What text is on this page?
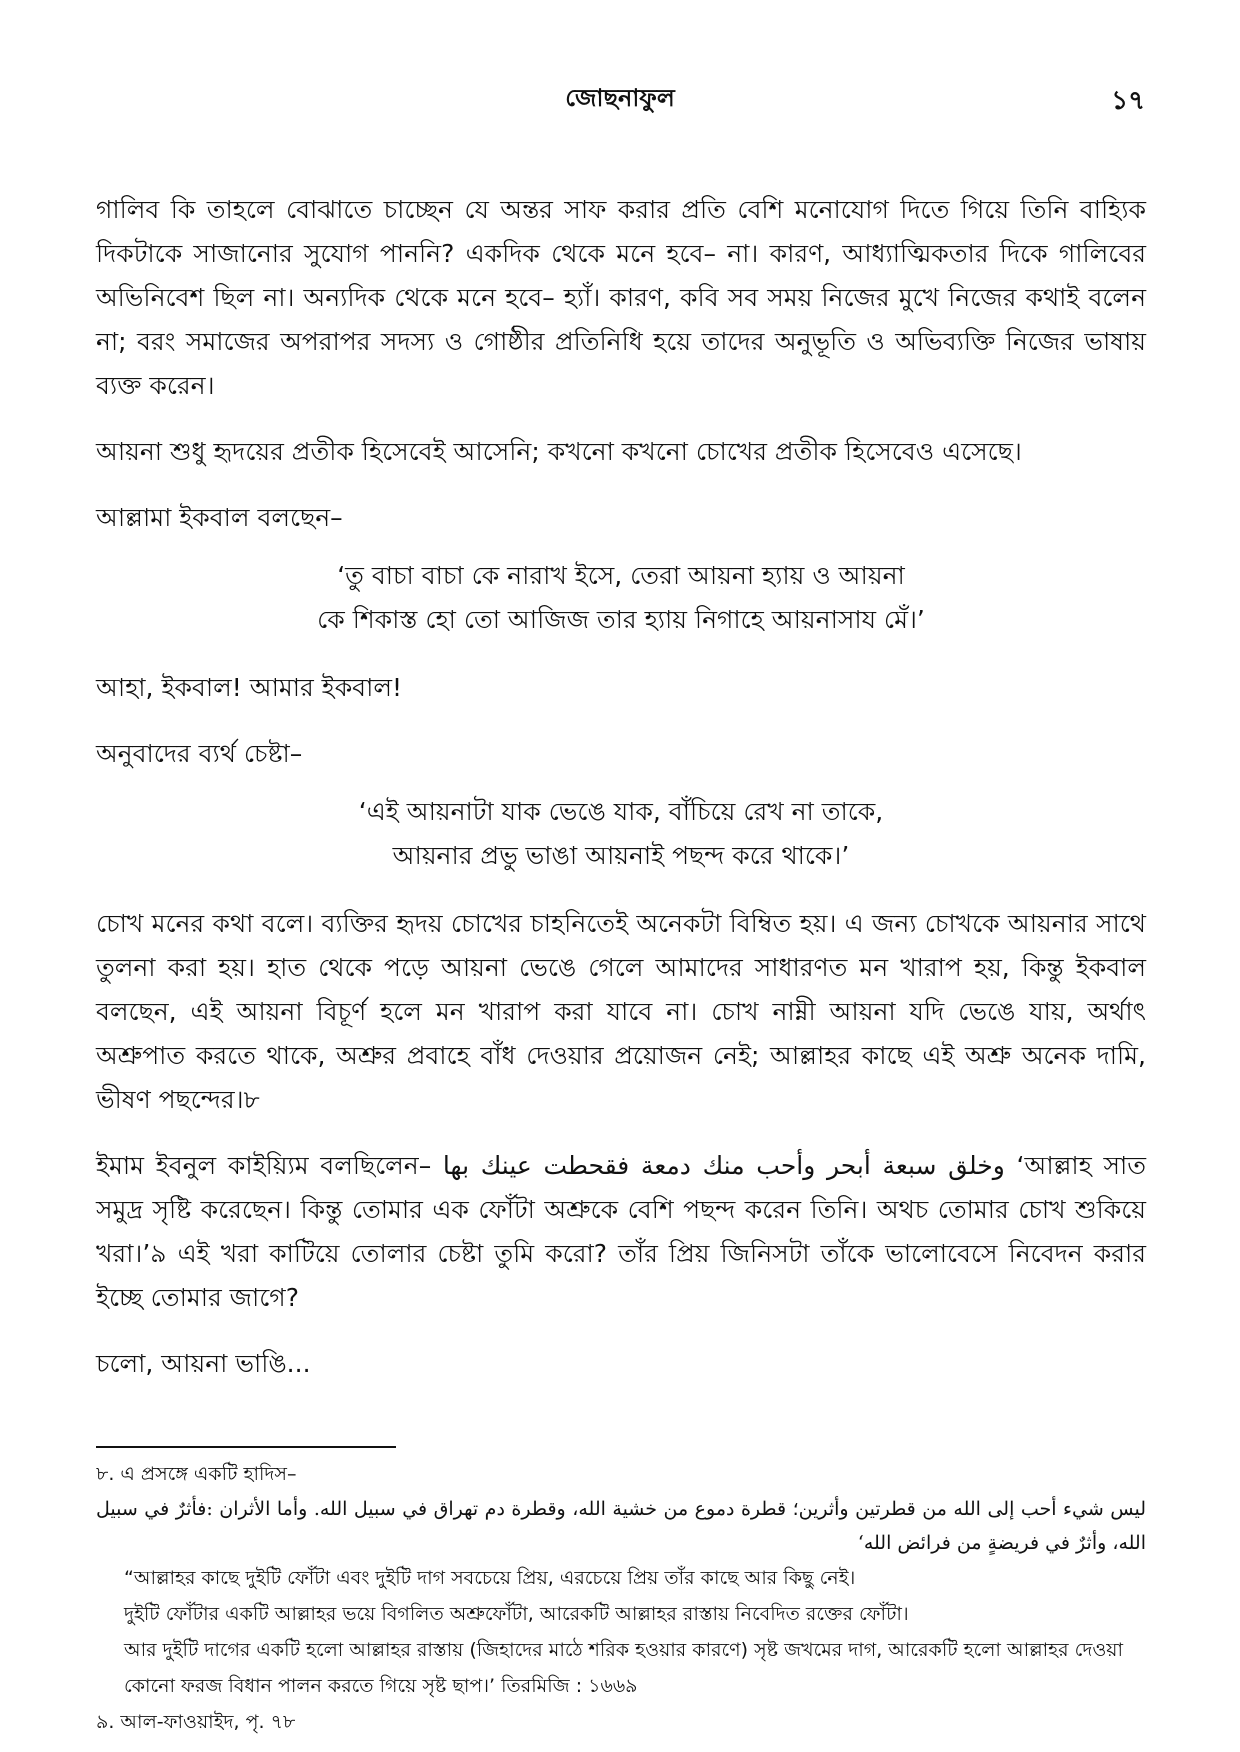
জোছনাফুল	১৭

গালিব কি তাহলে বোঝাতে চাচ্ছেন যে অন্তর সাফ করার প্রতি বেশি মনোযোগ দিতে গিয়ে তিনি বাহ্যিক দিকটাকে সাজানোর সুযোগ পাননি? একদিক থেকে মনে হবে– না। কারণ, আধ্যাত্মিকতার দিকে গালিবের অভিনিবেশ ছিল না। অন্যদিক থেকে মনে হবে– হ্যাঁ। কারণ, কবি সব সময় নিজের মুখে নিজের কথাই বলেন না; বরং সমাজের অপরাপর সদস্য ও গোষ্ঠীর প্রতিনিধি হয়ে তাদের অনুভূতি ও অভিব্যক্তি নিজের ভাষায় ব্যক্ত করেন।

আয়না শুধু হৃদয়ের প্রতীক হিসেবেই আসেনি; কখনো কখনো চোখের প্রতীক হিসেবেও এসেছে।

আল্লামা ইকবাল বলছেন–

‘তু বাচা বাচা কে নারাখ ইসে, তেরা আয়না হ্যায় ও আয়না
কে শিকাস্ত হো তো আজিজ তার হ্যায় নিগাহে আয়নাসায মেঁ।’

আহা, ইকবাল! আমার ইকবাল!

অনুবাদের ব্যর্থ চেষ্টা–

‘এই আয়নাটা যাক ভেঙে যাক, বাঁচিয়ে রেখ না তাকে,
আয়নার প্রভু ভাঙা আয়নাই পছন্দ করে থাকে।’

চোখ মনের কথা বলে। ব্যক্তির হৃদয় চোখের চাহনিতেই অনেকটা বিম্বিত হয়। এ জন্য চোখকে আয়নার সাথে তুলনা করা হয়। হাত থেকে পড়ে আয়না ভেঙে গেলে আমাদের সাধারণত মন খারাপ হয়, কিন্তু ইকবাল বলছেন, এই আয়না বিচূর্ণ হলে মন খারাপ করা যাবে না। চোখ নাম্নী আয়না যদি ভেঙে যায়, অর্থাৎ অশ্রুপাত করতে থাকে, অশ্রুর প্রবাহে বাঁধ দেওয়ার প্রয়োজন নেই; আল্লাহর কাছে এই অশ্রু অনেক দামি, ভীষণ পছন্দের।৮

ইমাম ইবনুল কাইয়্যিম বলছিলেন– وخلق سبعة أبحر وأحب منك دمعة فقحطت عينك بها ‘আল্লাহ সাত সমুদ্র সৃষ্টি করেছেন। কিন্তু তোমার এক ফোঁটা অশ্রুকে বেশি পছন্দ করেন তিনি। অথচ তোমার চোখ শুকিয়ে খরা।’৯ এই খরা কাটিয়ে তোলার চেষ্টা তুমি করো? তাঁর প্রিয় জিনিসটা তাঁকে ভালোবেসে নিবেদন করার ইচ্ছে তোমার জাগে?

চলো, আয়না ভাঙি...

৮. এ প্রসঙ্গে একটি হাদিস–

ليس شيء أحب إلى الله من قطرتين وأثرين؛ قطرة دموع من خشية الله، وقطرة دم تهراق في سبيل الله. وأما الأثران :فأثرٌ في سبيل الله، وأثرٌ في فريضةٍ من فرائض الله‘

“আল্লাহর কাছে দুইটি ফোঁটা এবং দুইটি দাগ সবচেয়ে প্রিয়, এরচেয়ে প্রিয় তাঁর কাছে আর কিছু নেই।

দুইটি ফোঁটার একটি আল্লাহর ভয়ে বিগলিত অশ্রুফোঁটা, আরেকটি আল্লাহর রাস্তায় নিবেদিত রক্তের ফোঁটা।

আর দুইটি দাগের একটি হলো আল্লাহর রাস্তায় (জিহাদের মাঠে শরিক হওয়ার কারণে) সৃষ্ট জখমের দাগ, আরেকটি হলো আল্লাহর দেওয়া কোনো ফরজ বিধান পালন করতে গিয়ে সৃষ্ট ছাপ।’ তিরমিজি : ১৬৬৯

৯. আল-ফাওয়াইদ, পৃ. ৭৮
